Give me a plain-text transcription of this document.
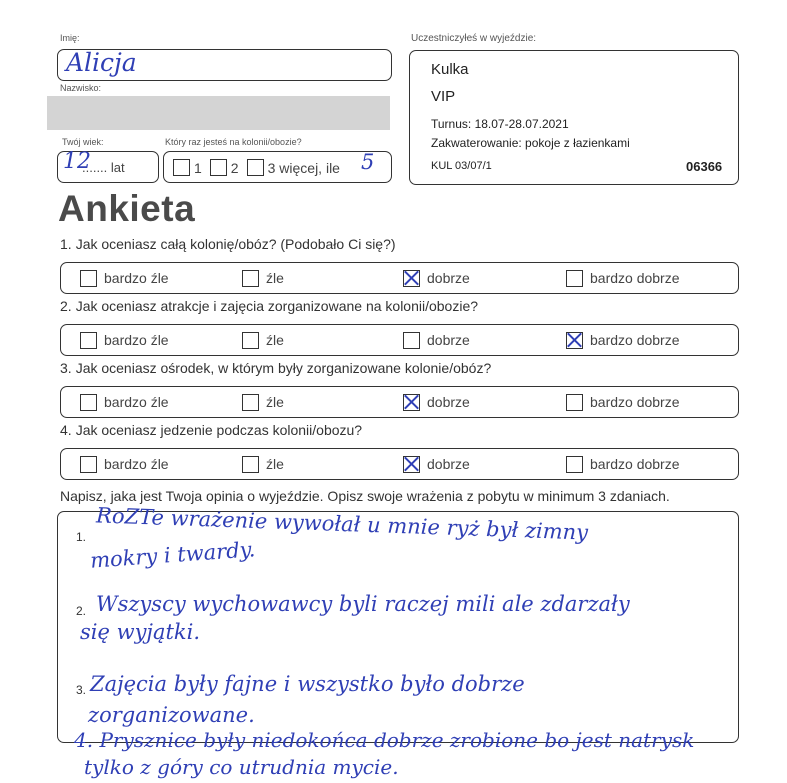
Imię:
Alicja
Nazwisko:
Twój wiek:	Który raz jesteś na kolonii/obozie?
12
....... lat	1 2 3 więcej, ile 5
Uczestniczyłeś w wyjeździe:
Kulka
VIP
Turnus: 18.07-28.07.2021
Zakwaterowanie: pokoje z łazienkami
KUL 03/07/1	06366
Ankieta
1. Jak oceniasz całą kolonię/obóz? (Podobało Ci się?)
bardzo źle	źle	dobrze	bardzo dobrze
2. Jak oceniasz atrakcje i zajęcia zorganizowane na kolonii/obozie?
bardzo źle	źle	dobrze	bardzo dobrze
3. Jak oceniasz ośrodek, w którym były zorganizowane kolonie/obóz?
bardzo źle	źle	dobrze	bardzo dobrze
4. Jak oceniasz jedzenie podczas kolonii/obozu?
bardzo źle	źle	dobrze	bardzo dobrze
Napisz, jaka jest Twoja opinia o wyjeździe. Opisz swoje wrażenia z pobytu w minimum 3 zdaniach.
1.
2.
3.
RoZTe wrażenie wywołał u mnie ryż był zimny
mokry i twardy.
Wszyscy wychowawcy byli raczej mili ale zdarzały
się wyjątki.
Zajęcia były fajne i wszystko było dobrze
zorganizowane.
4. Prysznice były niedokońca dobrze zrobione bo jest natrysk
tylko z góry co utrudnia mycie.
